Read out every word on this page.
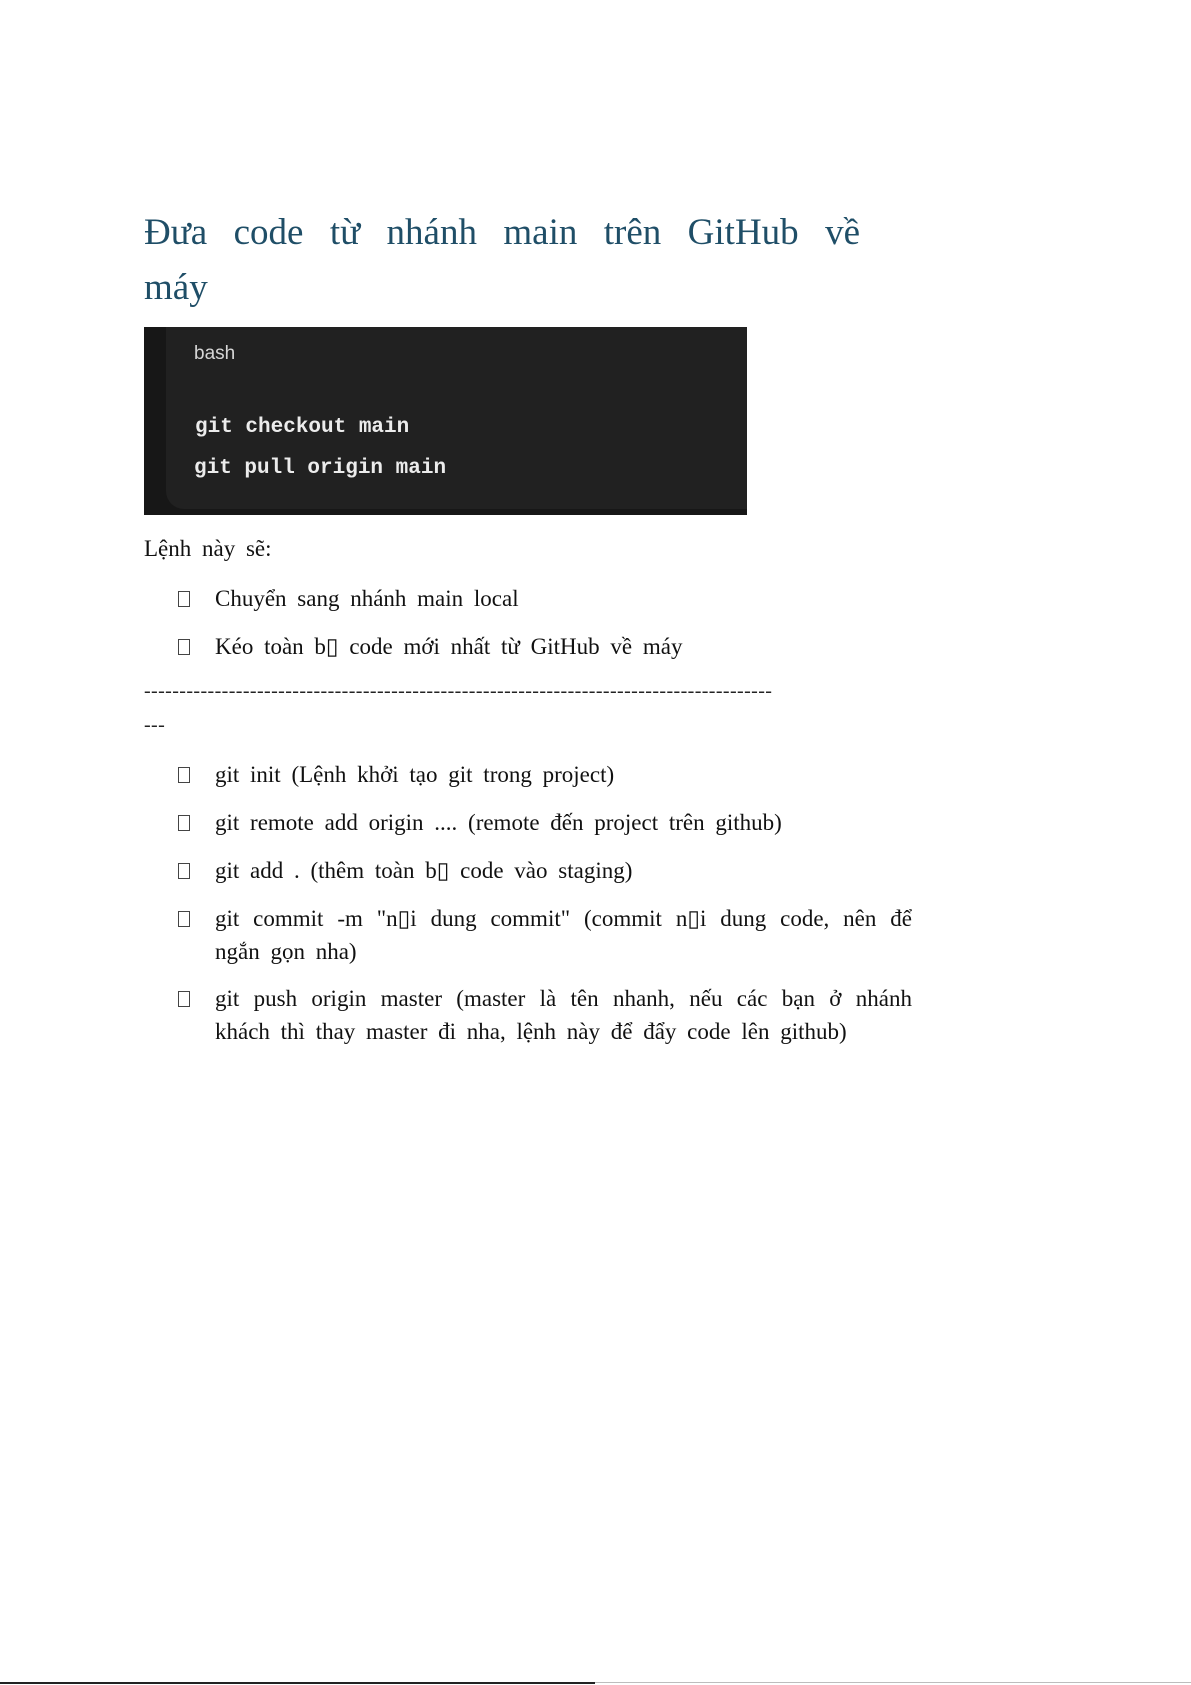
Đưa code từ nhánh main trên GitHub về máy
bash
git checkout main
git pull origin main
Lệnh này sẽ:
Chuyển sang nhánh main local
Kéo toàn b▯ code mới nhất từ GitHub về máy
-----------------------------------------------------------------------------------------
---
git init (Lệnh khởi tạo git trong project)
git remote add origin .... (remote đến project trên github)
git add . (thêm toàn b▯ code vào staging)
git commit -m "n▯i dung commit" (commit n▯i dung code, nên để ngắn gọn nha)
git push origin master (master là tên nhanh, nếu các bạn ở nhánh khách thì thay master đi nha, lệnh này để đẩy code lên github)
